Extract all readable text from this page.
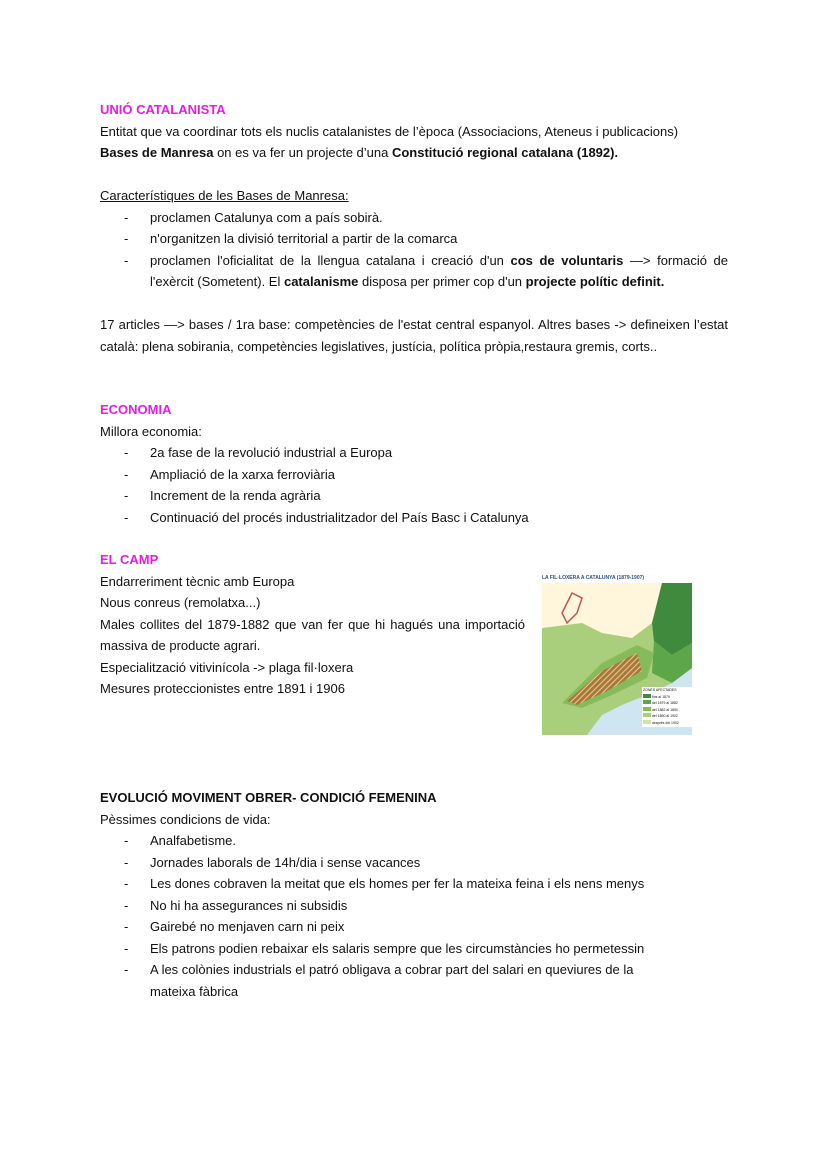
UNIÓ CATALANISTA
Entitat que va coordinar tots els nuclis catalanistes de l’època (Associacions, Ateneus i publicacions)
Bases de Manresa on es va fer un projecte d’una Constitució regional catalana (1892).
Característiques de les Bases de Manresa:
- proclamen Catalunya com a país sobirà.
- n'organitzen la divisió territorial a partir de la comarca
- proclamen l'oficialitat de la llengua catalana i creació d'un cos de voluntaris —> formació de l'exèrcit (Sometent). El catalanisme disposa per primer cop d'un projecte polític definit.
17 articles —> bases / 1ra base: competències de l'estat central espanyol. Altres bases -> defineixen l’estat català: plena sobirania, competències legislatives, justícia, política pròpia,restaura gremis, corts..
ECONOMIA
Millora economia:
- 2a fase de la revolució industrial a Europa
- Ampliació de la xarxa ferroviària
- Increment de la renda agrària
- Continuació del procés industrialitzador del País Basc i Catalunya
EL CAMP
Endarreriment tècnic amb Europa
Nous conreus (remolatxa...)
Males collites del 1879-1882 que van fer que hi hagués una importació massiva de producte agrari.
Especialització vitivinícola -> plaga fil·loxera
Mesures proteccionistes entre 1891 i 1906
LA FIL·LOXERA A CATALUNYA (1879-1907)
ZONES AFECTADES
fins al 1879
del 1879 al 1882
del 1882 al 1890
del 1890 al 1902
després del 1902
EVOLUCIÓ MOVIMENT OBRER- CONDICIÓ FEMENINA
Pèssimes condicions de vida:
- Analfabetisme.
- Jornades laborals de 14h/dia i sense vacances
- Les dones cobraven la meitat que els homes per fer la mateixa feina i els nens menys
- No hi ha assegurances ni subsidis
- Gairebé no menjaven carn ni peix
- Els patrons podien rebaixar els salaris sempre que les circumstàncies ho permetessin
- A les colònies industrials el patró obligava a cobrar part del salari en queviures de la mateixa fàbrica
